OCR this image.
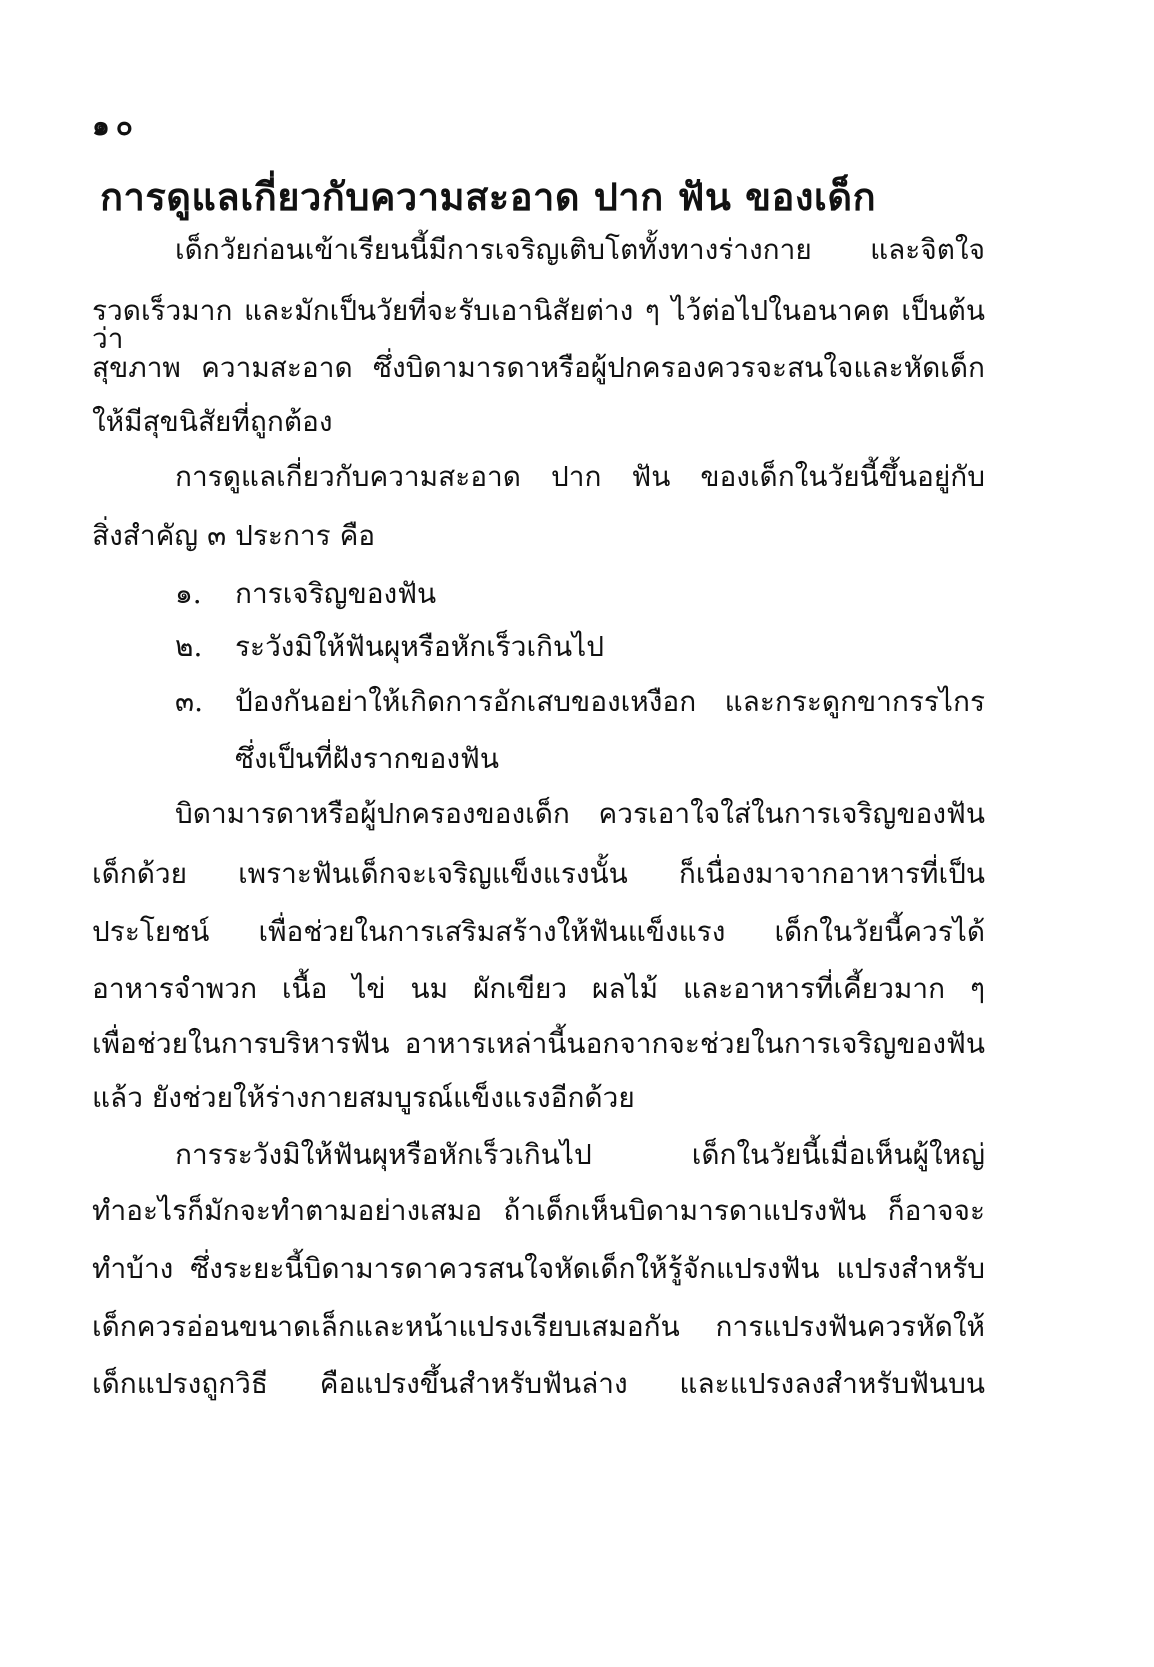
๑๐
การดูแลเกี่ยวกับความสะอาด ปาก ฟัน ของเด็ก
เด็กวัยก่อนเข้าเรียนนี้มีการเจริญเติบโตทั้งทางร่างกาย และจิตใจ
รวดเร็วมาก และมักเป็นวัยที่จะรับเอานิสัยต่าง ๆ ไว้ต่อไปในอนาคต เป็นต้นว่า
สุขภาพ ความสะอาด ซึ่งบิดามารดาหรือผู้ปกครองควรจะสนใจและหัดเด็ก
ให้มีสุขนิสัยที่ถูกต้อง
การดูแลเกี่ยวกับความสะอาด ปาก ฟัน ของเด็กในวัยนี้ขึ้นอยู่กับ
สิ่งสำคัญ ๓ ประการ คือ
๑. การเจริญของฟัน
๒. ระวังมิให้ฟันผุหรือหักเร็วเกินไป
๓. ป้องกันอย่าให้เกิดการอักเสบของเหงือก และกระดูกขากรรไกร
ซึ่งเป็นที่ฝังรากของฟัน
บิดามารดาหรือผู้ปกครองของเด็ก ควรเอาใจใส่ในการเจริญของฟัน
เด็กด้วย เพราะฟันเด็กจะเจริญแข็งแรงนั้น ก็เนื่องมาจากอาหารที่เป็น
ประโยชน์ เพื่อช่วยในการเสริมสร้างให้ฟันแข็งแรง เด็กในวัยนี้ควรได้
อาหารจำพวก เนื้อ ไข่ นม ผักเขียว ผลไม้ และอาหารที่เคี้ยวมาก ๆ
เพื่อช่วยในการบริหารฟัน อาหารเหล่านี้นอกจากจะช่วยในการเจริญของฟัน
แล้ว ยังช่วยให้ร่างกายสมบูรณ์แข็งแรงอีกด้วย
การระวังมิให้ฟันผุหรือหักเร็วเกินไป เด็กในวัยนี้เมื่อเห็นผู้ใหญ่
ทำอะไรก็มักจะทำตามอย่างเสมอ ถ้าเด็กเห็นบิดามารดาแปรงฟัน ก็อาจจะ
ทำบ้าง ซึ่งระยะนี้บิดามารดาควรสนใจหัดเด็กให้รู้จักแปรงฟัน แปรงสำหรับ
เด็กควรอ่อนขนาดเล็กและหน้าแปรงเรียบเสมอกัน การแปรงฟันควรหัดให้
เด็กแปรงถูกวิธี คือแปรงขึ้นสำหรับฟันล่าง และแปรงลงสำหรับฟันบน
